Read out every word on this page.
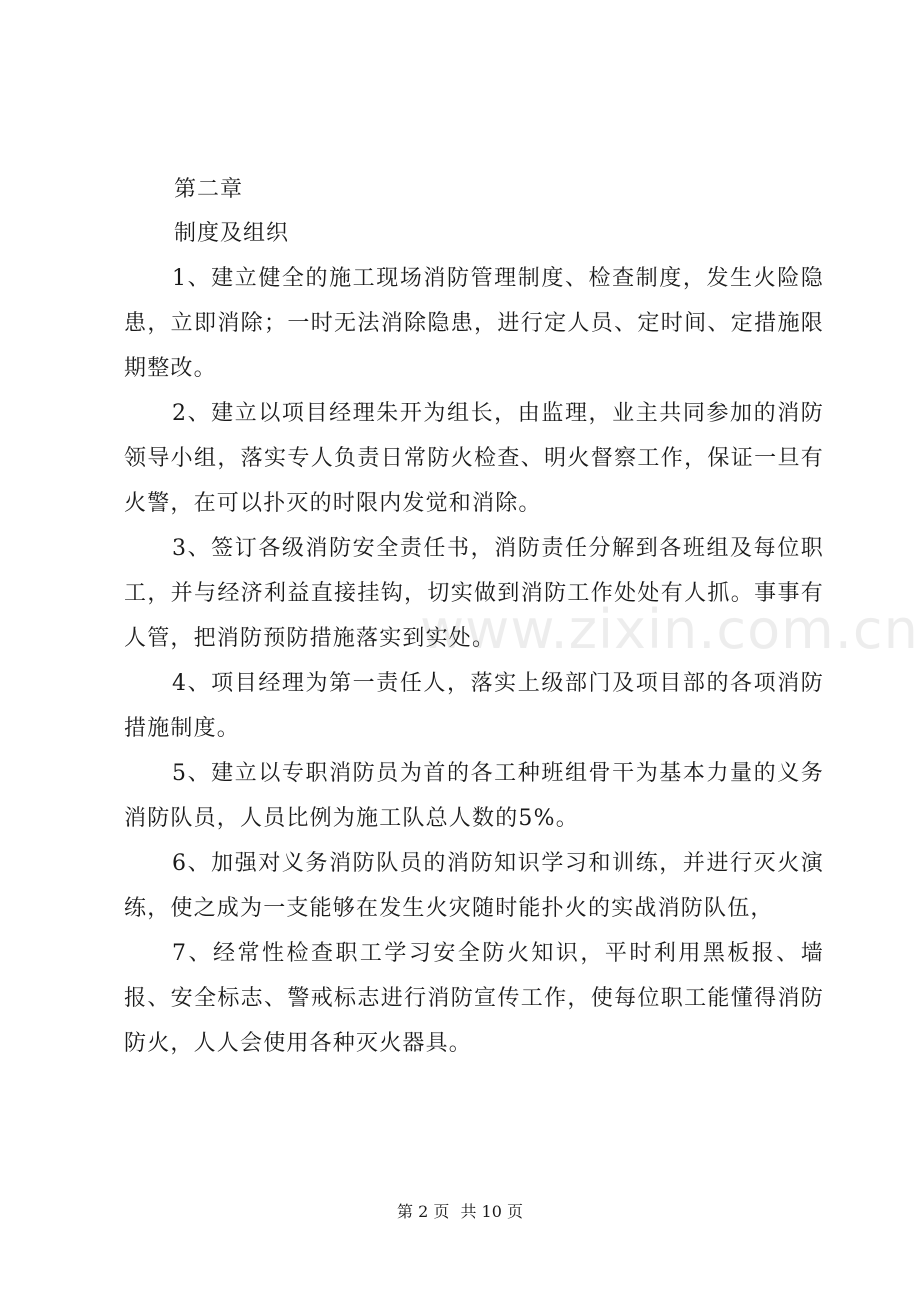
www.zixin.com.cn

第二章

制度及组织

1、建立健全的施工现场消防管理制度、检查制度，发生火险隐患，立即消除；一时无法消除隐患，进行定人员、定时间、定措施限期整改。

2、建立以项目经理朱开为组长，由监理，业主共同参加的消防领导小组，落实专人负责日常防火检查、明火督察工作，保证一旦有火警，在可以扑灭的时限内发觉和消除。

3、签订各级消防安全责任书，消防责任分解到各班组及每位职工，并与经济利益直接挂钩，切实做到消防工作处处有人抓。事事有人管，把消防预防措施落实到实处。

4、项目经理为第一责任人，落实上级部门及项目部的各项消防措施制度。

5、建立以专职消防员为首的各工种班组骨干为基本力量的义务消防队员，人员比例为施工队总人数的5%。

6、加强对义务消防队员的消防知识学习和训练，并进行灭火演练，使之成为一支能够在发生火灾随时能扑火的实战消防队伍，

7、经常性检查职工学习安全防火知识，平时利用黑板报、墙报、安全标志、警戒标志进行消防宣传工作，使每位职工能懂得消防防火，人人会使用各种灭火器具。

第 2 页 共 10 页
